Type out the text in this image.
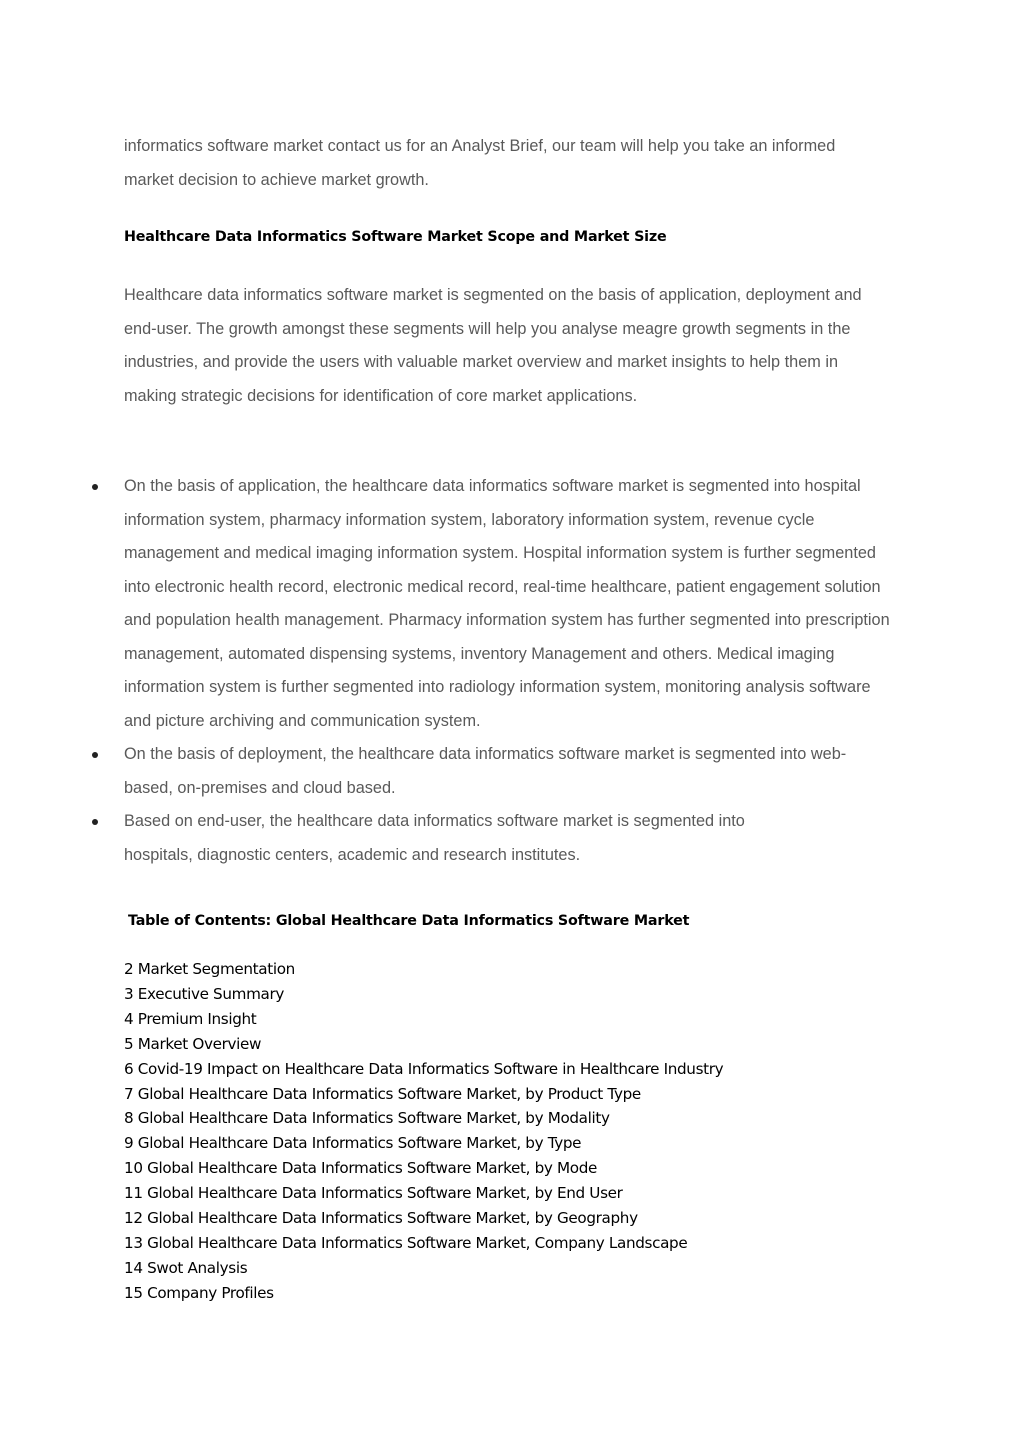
informatics software market contact us for an Analyst Brief, our team will help you take an informed market decision to achieve market growth.

Healthcare Data Informatics Software Market Scope and Market Size

Healthcare data informatics software market is segmented on the basis of application, deployment and end-user. The growth amongst these segments will help you analyse meagre growth segments in the industries, and provide the users with valuable market overview and market insights to help them in making strategic decisions for identification of core market applications.

On the basis of application, the healthcare data informatics software market is segmented into hospital information system, pharmacy information system, laboratory information system, revenue cycle management and medical imaging information system. Hospital information system is further segmented into electronic health record, electronic medical record, real-time healthcare, patient engagement solution and population health management. Pharmacy information system has further segmented into prescription management, automated dispensing systems, inventory Management and others. Medical imaging information system is further segmented into radiology information system, monitoring analysis software and picture archiving and communication system.
On the basis of deployment, the healthcare data informatics software market is segmented into web-based, on-premises and cloud based.
Based on end-user, the healthcare data informatics software market is segmented into hospitals, diagnostic centers, academic and research institutes.
Table of Contents: Global Healthcare Data Informatics Software Market
2 Market Segmentation
3 Executive Summary
4 Premium Insight
5 Market Overview
6 Covid-19 Impact on Healthcare Data Informatics Software in Healthcare Industry
7 Global Healthcare Data Informatics Software Market, by Product Type
8 Global Healthcare Data Informatics Software Market, by Modality
9 Global Healthcare Data Informatics Software Market, by Type
10 Global Healthcare Data Informatics Software Market, by Mode
11 Global Healthcare Data Informatics Software Market, by End User
12 Global Healthcare Data Informatics Software Market, by Geography
13 Global Healthcare Data Informatics Software Market, Company Landscape
14 Swot Analysis
15 Company Profiles
